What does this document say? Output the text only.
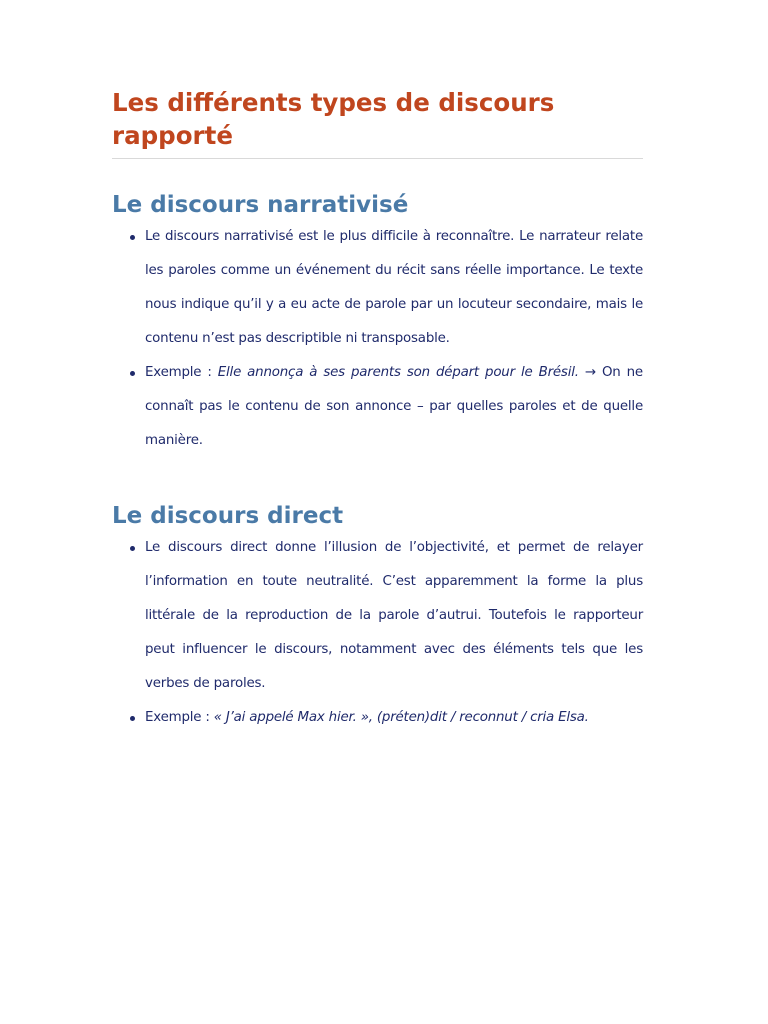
Les différents types de discours rapporté
Le discours narrativisé
Le discours narrativisé est le plus difficile à reconnaître. Le narrateur relate les paroles comme un événement du récit sans réelle importance. Le texte nous indique qu’il y a eu acte de parole par un locuteur secondaire, mais le contenu n’est pas descriptible ni transposable.
Exemple : Elle annonça à ses parents son départ pour le Brésil. → On ne connaît pas le contenu de son annonce – par quelles paroles et de quelle manière.
Le discours direct
Le discours direct donne l’illusion de l’objectivité, et permet de relayer l’information en toute neutralité. C’est apparemment la forme la plus littérale de la reproduction de la parole d’autrui. Toutefois le rapporteur peut influencer le discours, notamment avec des éléments tels que les verbes de paroles.
Exemple : « J’ai appelé Max hier. », (préten)dit / reconnut / cria Elsa.
